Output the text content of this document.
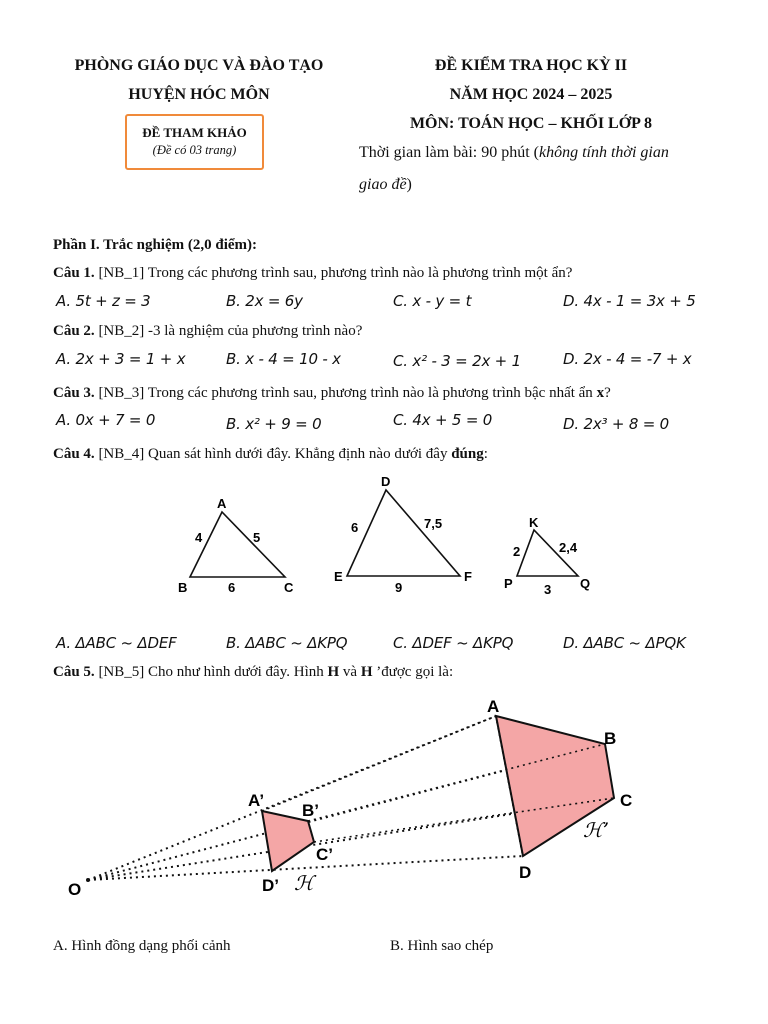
PHÒNG GIÁO DỤC VÀ ĐÀO TẠO
HUYỆN HÓC MÔN
ĐỀ THAM KHẢO
(Đề có 03 trang)
ĐỀ KIỂM TRA HỌC KỲ II
NĂM HỌC 2024 – 2025
MÔN: TOÁN HỌC – KHỐI LỚP 8
Thời gian làm bài: 90 phút (không tính thời gian
giao đề)
Phần I. Trắc nghiệm (2,0 điểm):
Câu 1. [NB_1] Trong các phương trình sau, phương trình nào là phương trình một ẩn?
A. 5t + z = 3	B. 2x = 6y	C. x - y = t	D. 4x - 1 = 3x + 5
Câu 2. [NB_2] -3 là nghiệm của phương trình nào?
A. 2x + 3 = 1 + x	B. x - 4 = 10 - x	C. x² - 3 = 2x + 1	D. 2x - 4 = -7 + x
Câu 3. [NB_3] Trong các phương trình sau, phương trình nào là phương trình bậc nhất ẩn x?
A. 0x + 7 = 0	B. x² + 9 = 0	C. 4x + 5 = 0	D. 2x³ + 8 = 0
Câu 4. [NB_4] Quan sát hình dưới đây. Khẳng định nào dưới đây đúng:
A
B	C
4	5
6
D
E	F
6	7,5
9
K
P	Q
2	2,4
3
A. ΔABC ~ ΔDEF	B. ΔABC ~ ΔKPQ	C. ΔDEF ~ ΔKPQ	D. ΔABC ~ ΔPQK
Câu 5. [NB_5] Cho như hình dưới đây. Hình H và H ’được gọi là:
O
A
B
C
D
A’
B’
C’
D’ ℋ
ℋ’
A. Hình đồng dạng phối cảnh	B. Hình sao chép
